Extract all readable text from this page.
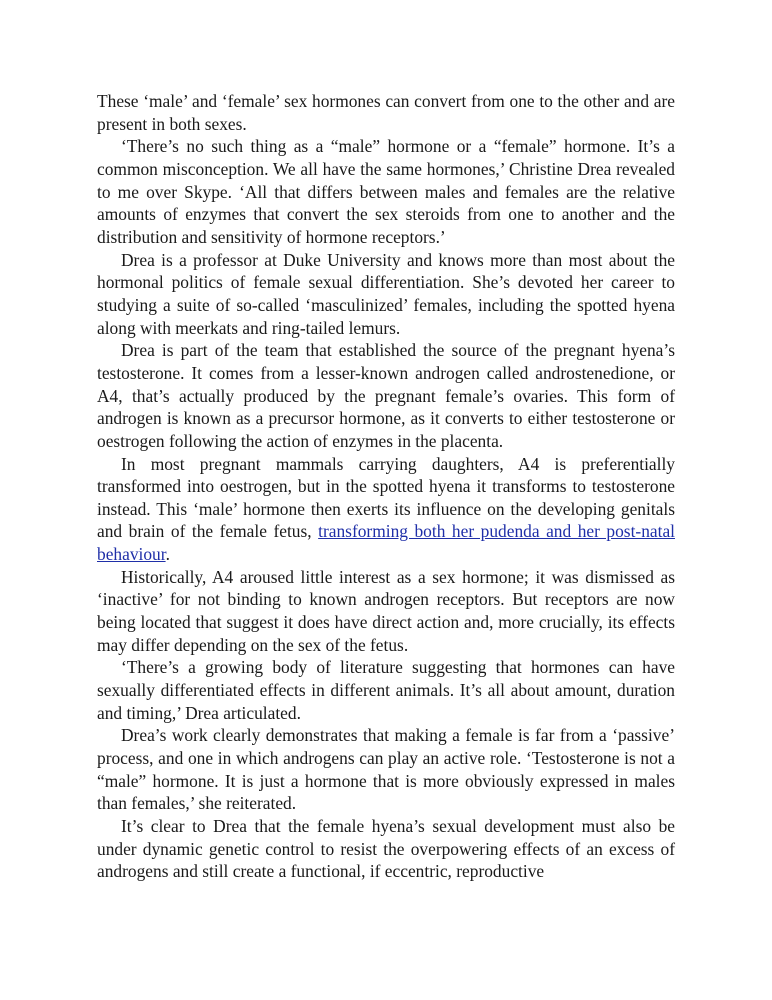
These ‘male’ and ‘female’ sex hormones can convert from one to the other and are present in both sexes.

‘There’s no such thing as a “male” hormone or a “female” hormone. It’s a common misconception. We all have the same hormones,’ Christine Drea revealed to me over Skype. ‘All that differs between males and females are the relative amounts of enzymes that convert the sex steroids from one to another and the distribution and sensitivity of hormone receptors.’

Drea is a professor at Duke University and knows more than most about the hormonal politics of female sexual differentiation. She’s devoted her career to studying a suite of so-called ‘masculinized’ females, including the spotted hyena along with meerkats and ring-tailed lemurs.

Drea is part of the team that established the source of the pregnant hyena’s testosterone. It comes from a lesser-known androgen called androstenedione, or A4, that’s actually produced by the pregnant female’s ovaries. This form of androgen is known as a precursor hormone, as it converts to either testosterone or oestrogen following the action of enzymes in the placenta.

In most pregnant mammals carrying daughters, A4 is preferentially transformed into oestrogen, but in the spotted hyena it transforms to testosterone instead. This ‘male’ hormone then exerts its influence on the developing genitals and brain of the female fetus, transforming both her pudenda and her post-natal behaviour.

Historically, A4 aroused little interest as a sex hormone; it was dismissed as ‘inactive’ for not binding to known androgen receptors. But receptors are now being located that suggest it does have direct action and, more crucially, its effects may differ depending on the sex of the fetus.

‘There’s a growing body of literature suggesting that hormones can have sexually differentiated effects in different animals. It’s all about amount, duration and timing,’ Drea articulated.

Drea’s work clearly demonstrates that making a female is far from a ‘passive’ process, and one in which androgens can play an active role. ‘Testosterone is not a “male” hormone. It is just a hormone that is more obviously expressed in males than females,’ she reiterated.

It’s clear to Drea that the female hyena’s sexual development must also be under dynamic genetic control to resist the overpowering effects of an excess of androgens and still create a functional, if eccentric, reproductive
